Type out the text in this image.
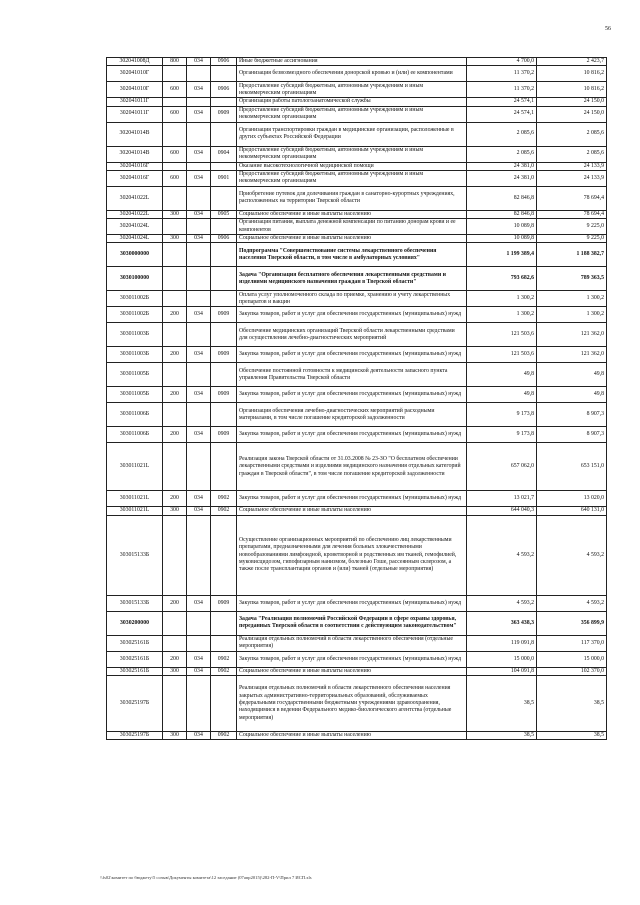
56
302041008Д	800	034	0906	Иные бюджетные ассигнования	4 700,0	2 423,7
302041010Г				Организация безвозмездного обеспечения донорской кровью и (или) ее компонентами	11 370,2	10 816,2
302041010Г	600	034	0906	Предоставление субсидий бюджетным, автономным учреждениям и иным некоммерческим организациям	11 370,2	10 816,2
302041011Г				Организация работы патологоанатомической службы	24 574,1	24 150,0
302041011Г	600	034	0909	Предоставление субсидий бюджетным, автономным учреждениям и иным некоммерческим организациям	24 574,1	24 150,0
302041014В				Организация транспортировки граждан в медицинские организации, расположенные в других субъектах Российской Федерации	2 085,6	2 085,6
302041014В	600	034	0904	Предоставление субсидий бюджетным, автономным учреждениям и иным некоммерческим организациям	2 085,6	2 085,6
302041016Г				Оказание высокотехнологичной медицинской помощи	24 381,0	24 133,9
302041016Г	600	034	0901	Предоставление субсидий бюджетным, автономным учреждениям и иным некоммерческим организациям	24 381,0	24 133,9
302041022L				Приобретение путевок для долечивания граждан в санаторно-курортных учреждениях, расположенных на территории Тверской области	82 846,8	78 694,4
302041022L	300	034	0905	Социальное обеспечение и иные выплаты населению	82 846,8	78 694,4
302041024L				Организация питания, выплата денежной компенсации по питанию донорам крови и ее компонентов	10 089,8	9 225,0
302041024L	300	034	0906	Социальное обеспечение и иные выплаты населению	10 089,8	9 225,0
3030000000				Подпрограмма "Совершенствование системы лекарственного обеспечения населения Тверской области, в том числе в амбулаторных условиях"	1 199 389,4	1 188 382,7
3030100000				Задача "Организация бесплатного обеспечения лекарственными средствами и изделиями медицинского назначения граждан в Тверской области"	793 682,6	789 363,5
303011002Б				Оплата услуг уполномоченного склада по приемке, хранению и учету лекарственных препаратов и вакцин	1 300,2	1 300,2
303011002Б	200	034	0909	Закупка товаров, работ и услуг для обеспечения государственных (муниципальных) нужд	1 300,2	1 300,2
303011003Б				Обеспечение медицинских организаций Тверской области лекарственными средствами для осуществления лечебно-диагностических мероприятий	121 503,6	121 362,0
303011003Б	200	034	0909	Закупка товаров, работ и услуг для обеспечения государственных (муниципальных) нужд	121 503,6	121 362,0
303011005Б				Обеспечение постоянной готовности к медицинской деятельности запасного пункта управления Правительства Тверской области	49,8	49,8
303011005Б	200	034	0909	Закупка товаров, работ и услуг для обеспечения государственных (муниципальных) нужд	49,8	49,8
303011006Б				Организация обеспечения лечебно-диагностических мероприятий расходными материалами, в том числе погашение кредиторской задолженности	9 173,8	8 907,3
303011006Б	200	034	0909	Закупка товаров, работ и услуг для обеспечения государственных (муниципальных) нужд	9 173,8	8 907,3
303011021L				Реализация закона Тверской области от 31.03.2008 № 23-ЗО "О бесплатном обеспечении лекарственными средствами и изделиями медицинского назначения отдельных категорий граждан в Тверской области", в том числе погашение кредиторской задолженности	657 062,0	653 151,0
303011021L	200	034	0902	Закупка товаров, работ и услуг для обеспечения государственных (муниципальных) нужд	13 021,7	13 020,0
303011021L	300	034	0902	Социальное обеспечение и иные выплаты населению	644 040,3	640 131,0
303015133Б				Осуществление организационных мероприятий по обеспечению лиц лекарственными препаратами, предназначенными для лечения больных злокачественными новообразованиями лимфоидной, кроветворной и родственных им тканей, гемофилией, муковисцидозом, гипофизарным нанизмом, болезнью Гоше, рассеянным склерозом, а также после трансплантации органов и (или) тканей (отдельные мероприятия)	4 593,2	4 593,2
303015133Б	200	034	0909	Закупка товаров, работ и услуг для обеспечения государственных (муниципальных) нужд	4 593,2	4 593,2
3030200000				Задача "Реализация полномочий Российской Федерации в сфере охраны здоровья, переданных Тверской области в соответствии с действующим законодательством"	363 438,3	356 899,9
303025161Б				Реализация отдельных полномочий в области лекарственного обеспечения (отдельные мероприятия)	119 091,8	117 370,0
303025161Б	200	034	0902	Закупка товаров, работ и услуг для обеспечения государственных (муниципальных) нужд	15 000,0	15 000,0
303025161Б	300	034	0902	Социальное обеспечение и иные выплаты населению	104 091,8	102 370,0
303025197Б				Реализация отдельных полномочий в области лекарственного обеспечения населения закрытых административно-территориальных образований, обслуживаемых федеральными государственными бюджетными учреждениями здравоохранения, находящимися в ведении Федерального медико-биологического агентства (отдельные мероприятия)	38,5	38,5
303025197Б	300	034	0902	Социальное обеспечение и иные выплаты населению	38,5	38,5
\\fs02\комитет по бюджету\5 созыв\Документы комитета\12 заседание (07апр2015)\282-П-V\Прил 7 ИСП.xls
